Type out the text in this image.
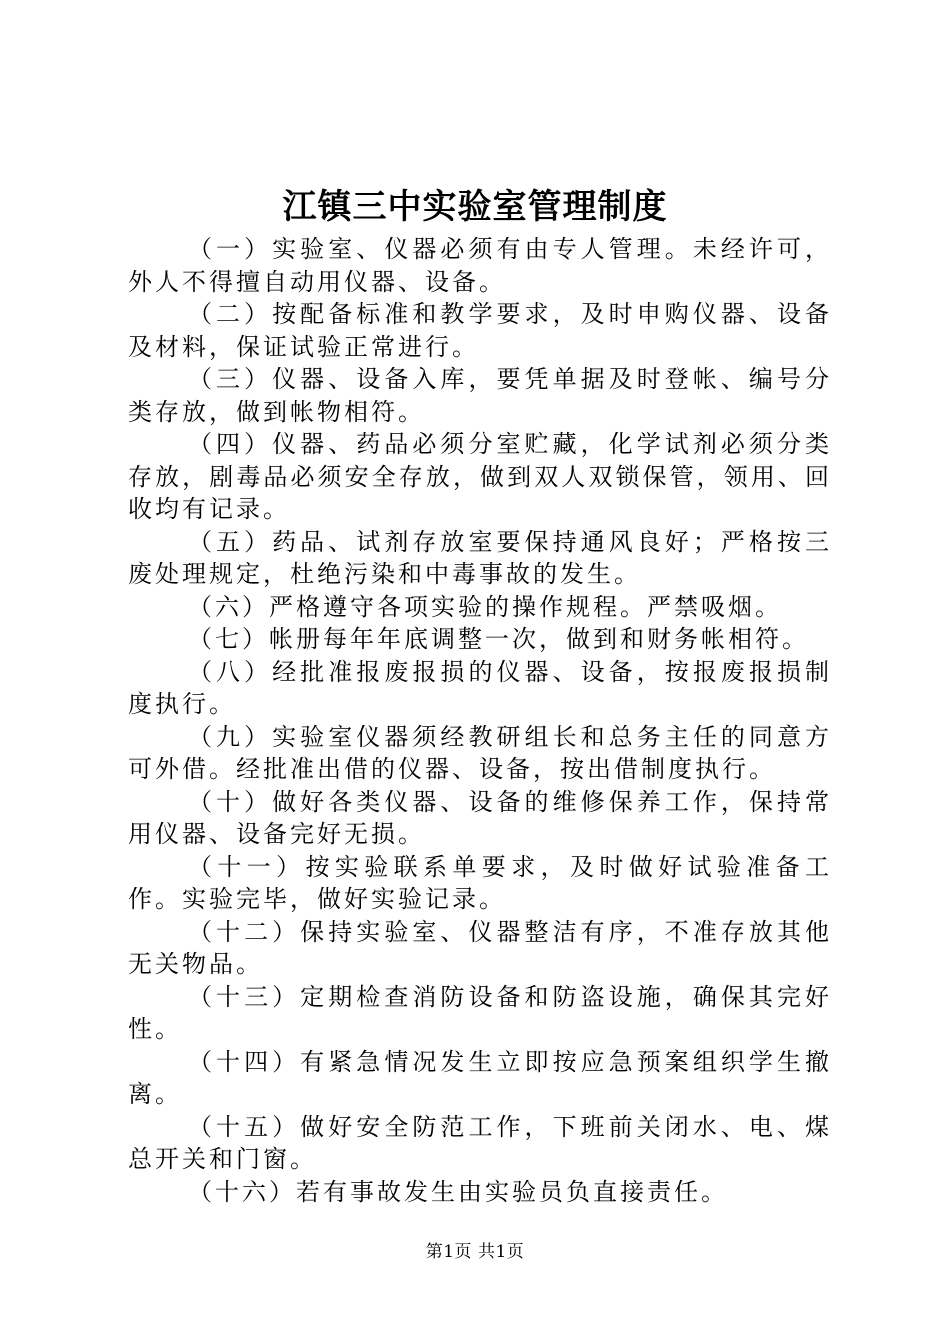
江镇三中实验室管理制度

（一）实验室、仪器必须有由专人管理。未经许可，外人不得擅自动用仪器、设备。

（二）按配备标准和教学要求，及时申购仪器、设备及材料，保证试验正常进行。

（三）仪器、设备入库，要凭单据及时登帐、编号分类存放，做到帐物相符。

（四）仪器、药品必须分室贮藏，化学试剂必须分类存放，剧毒品必须安全存放，做到双人双锁保管，领用、回收均有记录。

（五）药品、试剂存放室要保持通风良好；严格按三废处理规定，杜绝污染和中毒事故的发生。

（六）严格遵守各项实验的操作规程。严禁吸烟。

（七）帐册每年年底调整一次，做到和财务帐相符。

（八）经批准报废报损的仪器、设备，按报废报损制度执行。

（九）实验室仪器须经教研组长和总务主任的同意方可外借。经批准出借的仪器、设备，按出借制度执行。

（十）做好各类仪器、设备的维修保养工作，保持常用仪器、设备完好无损。

（十一）按实验联系单要求，及时做好试验准备工作。实验完毕，做好实验记录。

（十二）保持实验室、仪器整洁有序，不准存放其他无关物品。

（十三）定期检查消防设备和防盗设施，确保其完好性。

（十四）有紧急情况发生立即按应急预案组织学生撤离。

（十五）做好安全防范工作，下班前关闭水、电、煤总开关和门窗。

（十六）若有事故发生由实验员负直接责任。

第1页 共1页
